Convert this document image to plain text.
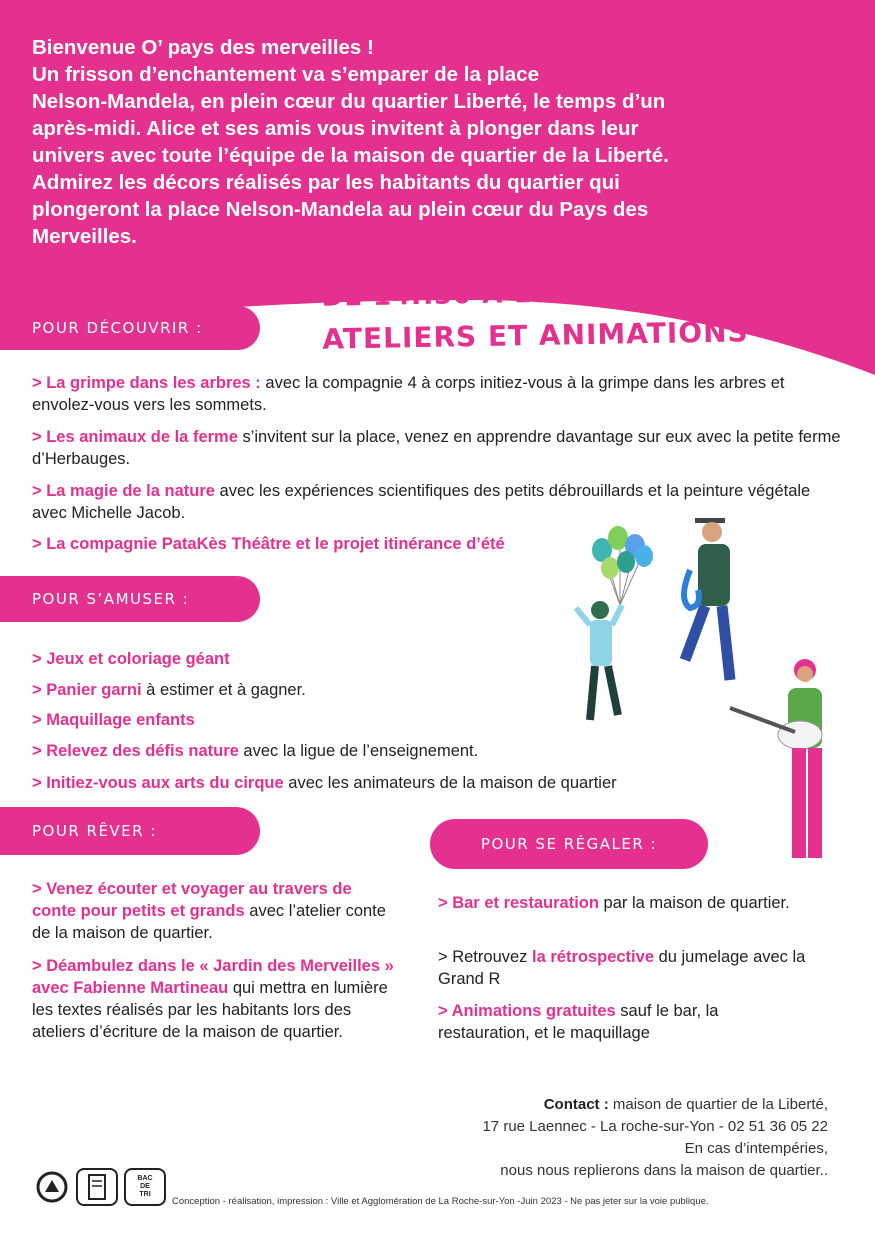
Bienvenue O’ pays des merveilles !
Un frisson d’enchantement va s’emparer de la place
Nelson-Mandela, en plein cœur du quartier Liberté, le temps d’un
après-midi. Alice et ses amis vous invitent à plonger dans leur
univers avec toute l’équipe de la maison de quartier de la Liberté.
Admirez les décors réalisés par les habitants du quartier qui
plongeront la place Nelson-Mandela au plein cœur du Pays des
Merveilles.
DE 14H30 À 19H
ATELIERS ET ANIMATIONS
POUR DÉCOUVRIR :
> La grimpe dans les arbres : avec la compagnie 4 à corps initiez-vous à la grimpe dans les arbres et envolez-vous vers les sommets.
> Les animaux de la ferme s’invitent sur la place, venez en apprendre davantage sur eux avec la petite ferme d’Herbauges.
> La magie de la nature avec les expériences scientifiques des petits débrouillards et la peinture végétale avec Michelle Jacob.
> La compagnie PataKès Théâtre et le projet itinérance d’été
POUR S’AMUSER :
> Jeux et coloriage géant
> Panier garni à estimer et à gagner.
> Maquillage enfants
> Relevez des défis nature avec la ligue de l’enseignement.
> Initiez-vous aux arts du cirque avec les animateurs de la maison de quartier
POUR RÊVER :
> Venez écouter et voyager au travers de conte pour petits et grands avec l’atelier conte de la maison de quartier.
> Déambulez dans le « Jardin des Merveilles » avec Fabienne Martineau qui mettra en lumière les textes réalisés par les habitants lors des ateliers d’écriture de la maison de quartier.
POUR SE RÉGALER :
> Bar et restauration par la maison de quartier.
> Retrouvez la rétrospective du jumelage avec la Grand R
> Animations gratuites sauf le bar, la restauration, et le maquillage
Contact : maison de quartier de la Liberté,
17 rue Laennec - La roche-sur-Yon - 02 51 36 05 22
En cas d’intempéries,
nous nous replierons dans la maison de quartier..
BAC DE TRI
Conception - réalisation, impression : Ville et Agglomération de La Roche-sur-Yon -Juin 2023 - Ne pas jeter sur la voie publique.
